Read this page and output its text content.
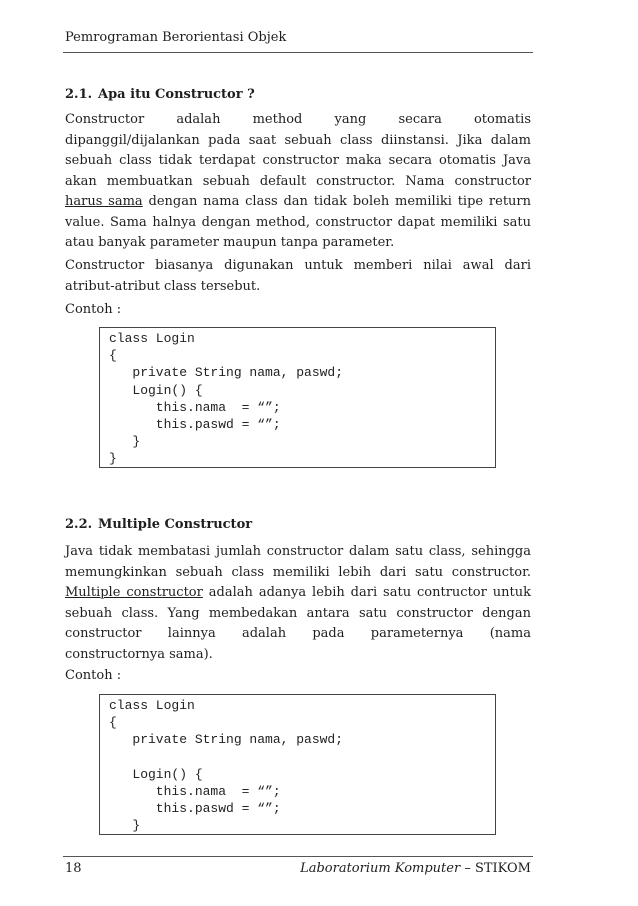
Pemrograman Berorientasi Objek
2.1. Apa itu Constructor ?
Constructor adalah method yang secara otomatis
dipanggil/dijalankan pada saat sebuah class diinstansi. Jika dalam
sebuah class tidak terdapat constructor maka secara otomatis Java
akan membuatkan sebuah default constructor. Nama constructor
harus sama dengan nama class dan tidak boleh memiliki tipe return
value. Sama halnya dengan method, constructor dapat memiliki satu
atau banyak parameter maupun tanpa parameter.
Constructor biasanya digunakan untuk memberi nilai awal dari
atribut-atribut class tersebut.
Contoh :
class Login
{
private String nama, paswd;
Login() {
this.nama  = “”;
this.paswd = “”;
}
}
2.2. Multiple Constructor
Java tidak membatasi jumlah constructor dalam satu class, sehingga
memungkinkan sebuah class memiliki lebih dari satu constructor.
Multiple constructor adalah adanya lebih dari satu contructor untuk
sebuah class. Yang membedakan antara satu constructor dengan
constructor lainnya adalah pada parameternya (nama
constructornya sama).
Contoh :
class Login
{
private String nama, paswd;
Login() {
this.nama  = “”;
this.paswd = “”;
}
18	Laboratorium Komputer – STIKOM
